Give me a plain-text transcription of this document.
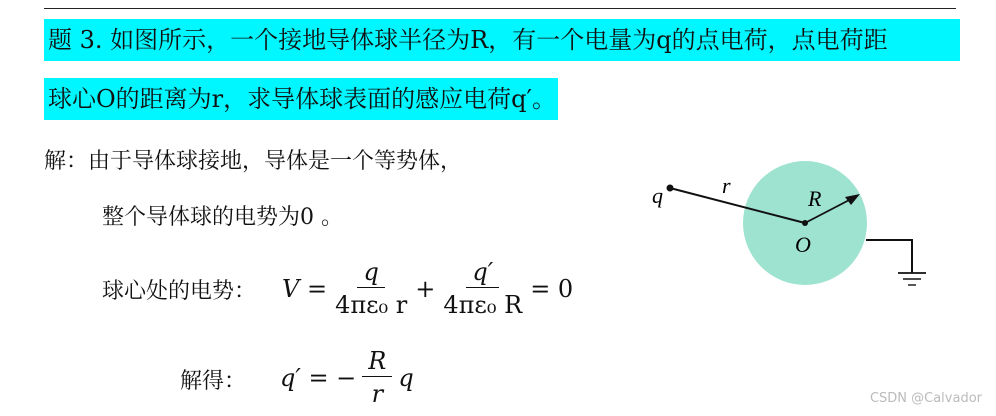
题 3. 如图所示，一个接地导体球半径为R，有一个电量为q的点电荷，点电荷距
球心O的距离为r，求导体球表面的感应电荷q′。
解：由于导体球接地，导体是一个等势体，
整个导体球的电势为0 。
球心处的电势： $V = \frac{q}{\text{4πε₀ r}} + \frac{q'}{\text{4πε₀ R}} = 0$
解得： q′ = − $\frac{R}{r}$ q
q	r
R
O
CSDN @Calvador
